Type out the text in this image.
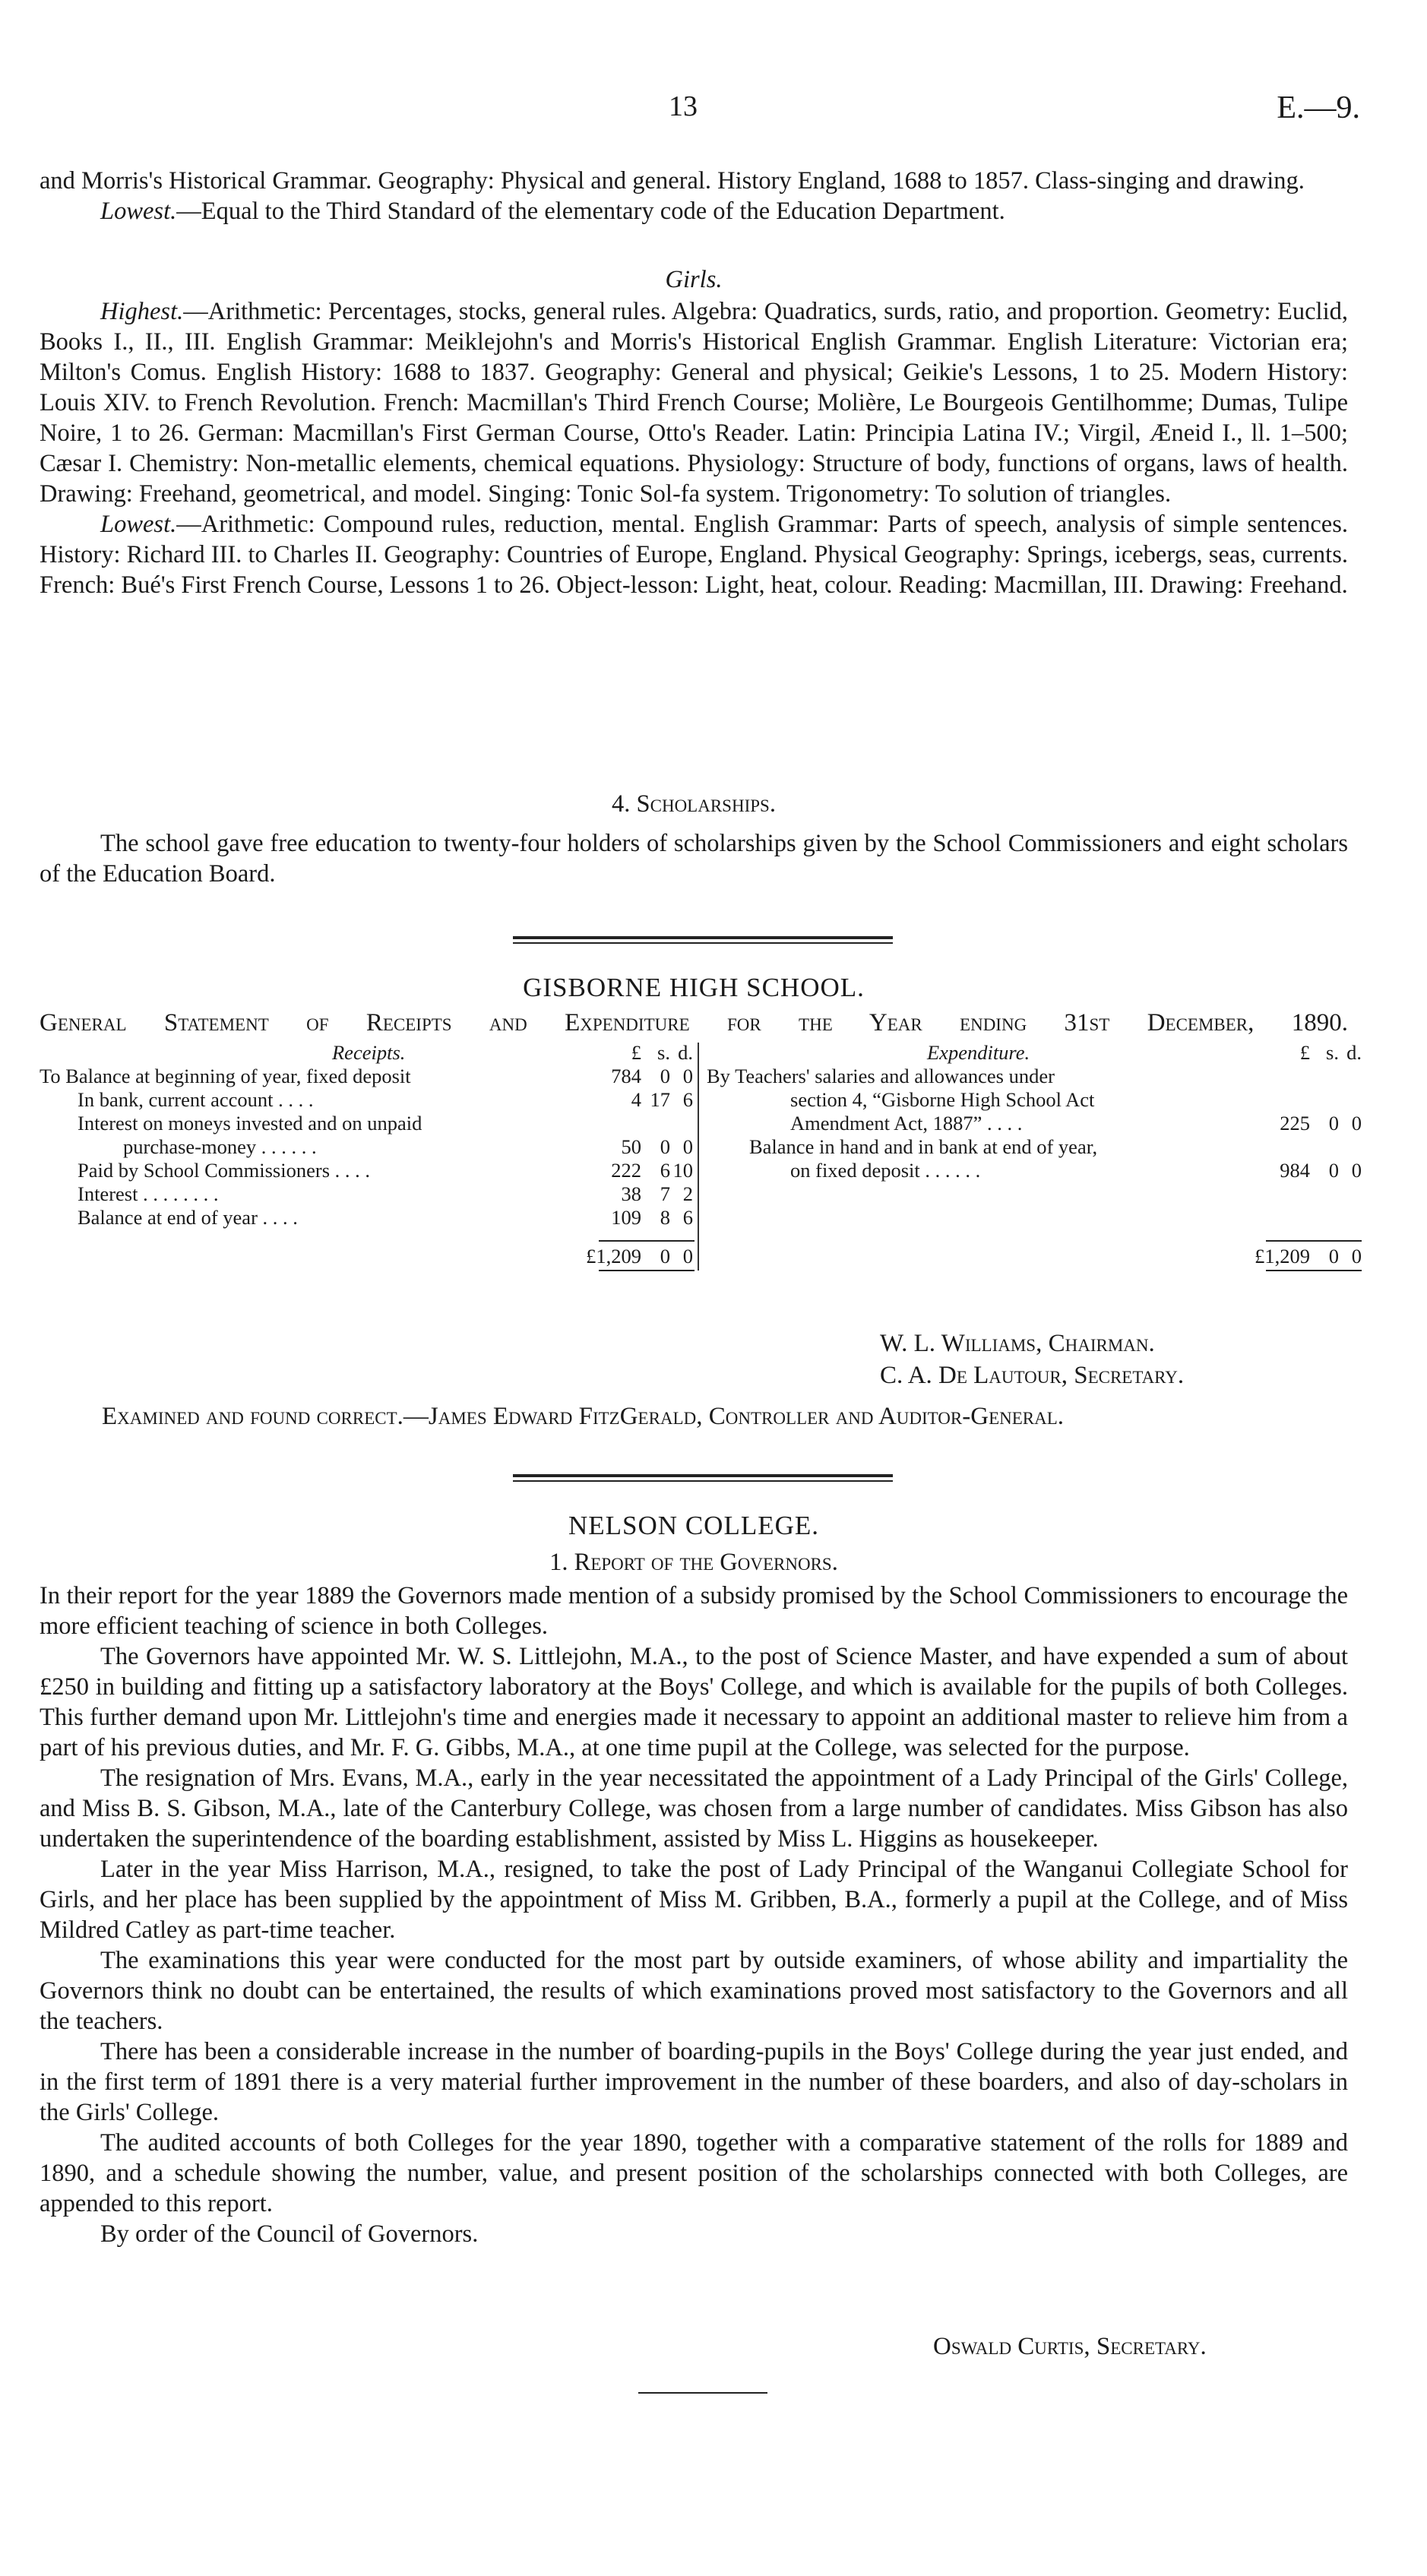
13	E.—9.

and Morris's Historical Grammar. Geography: Physical and general. History England, 1688 to 1857. Class-singing and drawing.

Lowest.—Equal to the Third Standard of the elementary code of the Education Department.

Girls.

Highest.—Arithmetic: Percentages, stocks, general rules. Algebra: Quadratics, surds, ratio, and proportion. Geometry: Euclid, Books I., II., III. English Grammar: Meiklejohn's and Morris's Historical English Grammar. English Literature: Victorian era; Milton's Comus. English History: 1688 to 1837. Geography: General and physical; Geikie's Lessons, 1 to 25. Modern History: Louis XIV. to French Revolution. French: Macmillan's Third French Course; Molière, Le Bourgeois Gentilhomme; Dumas, Tulipe Noire, 1 to 26. German: Macmillan's First German Course, Otto's Reader. Latin: Principia Latina IV.; Virgil, Æneid I., ll. 1–500; Cæsar I. Chemistry: Non-metallic elements, chemical equations. Physiology: Structure of body, functions of organs, laws of health. Drawing: Freehand, geometrical, and model. Singing: Tonic Sol-fa system. Trigonometry: To solution of triangles.

Lowest.—Arithmetic: Compound rules, reduction, mental. English Grammar: Parts of speech, analysis of simple sentences. History: Richard III. to Charles II. Geography: Countries of Europe, England. Physical Geography: Springs, icebergs, seas, currents. French: Bué's First French Course, Lessons 1 to 26. Object-lesson: Light, heat, colour. Reading: Macmillan, III. Drawing: Freehand.

4. Scholarships.

The school gave free education to twenty-four holders of scholarships given by the School Commissioners and eight scholars of the Education Board.

GISBORNE HIGH SCHOOL.
General Statement of Receipts and Expenditure for the Year ending 31st December, 1890.
Receipts.	£ s. d.
To Balance at beginning of year, fixed deposit	784 0 0
In bank, current account . . . .	4 17 6
Interest on moneys invested and on unpaid
purchase-money . . . . . .	50 0 0
Paid by School Commissioners . . . .	222 6 10
Interest . . . . . . . .	38 7 2
Balance at end of year . . . .	109 8 6
£1,209 0 0
Expenditure.	£ s. d.
By Teachers' salaries and allowances under
section 4, “Gisborne High School Act
Amendment Act, 1887” . . . .	225 0 0
Balance in hand and in bank at end of year,
on fixed deposit . . . . . .	984 0 0
£1,209 0 0
W. L. Williams, Chairman.
C. A. De Lautour, Secretary.
Examined and found correct.—James Edward FitzGerald, Controller and Auditor-General.
NELSON COLLEGE.
1. Report of the Governors.

In their report for the year 1889 the Governors made mention of a subsidy promised by the School Commissioners to encourage the more efficient teaching of science in both Colleges.

The Governors have appointed Mr. W. S. Littlejohn, M.A., to the post of Science Master, and have expended a sum of about £250 in building and fitting up a satisfactory laboratory at the Boys' College, and which is available for the pupils of both Colleges. This further demand upon Mr. Littlejohn's time and energies made it necessary to appoint an additional master to relieve him from a part of his previous duties, and Mr. F. G. Gibbs, M.A., at one time pupil at the College, was selected for the purpose.

The resignation of Mrs. Evans, M.A., early in the year necessitated the appointment of a Lady Principal of the Girls' College, and Miss B. S. Gibson, M.A., late of the Canterbury College, was chosen from a large number of candidates. Miss Gibson has also undertaken the superintendence of the boarding establishment, assisted by Miss L. Higgins as housekeeper.

Later in the year Miss Harrison, M.A., resigned, to take the post of Lady Principal of the Wanganui Collegiate School for Girls, and her place has been supplied by the appointment of Miss M. Gribben, B.A., formerly a pupil at the College, and of Miss Mildred Catley as part-time teacher.

The examinations this year were conducted for the most part by outside examiners, of whose ability and impartiality the Governors think no doubt can be entertained, the results of which examinations proved most satisfactory to the Governors and all the teachers.

There has been a considerable increase in the number of boarding-pupils in the Boys' College during the year just ended, and in the first term of 1891 there is a very material further improvement in the number of these boarders, and also of day-scholars in the Girls' College.

The audited accounts of both Colleges for the year 1890, together with a comparative statement of the rolls for 1889 and 1890, and a schedule showing the number, value, and present position of the scholarships connected with both Colleges, are appended to this report.

By order of the Council of Governors.

Oswald Curtis, Secretary.
